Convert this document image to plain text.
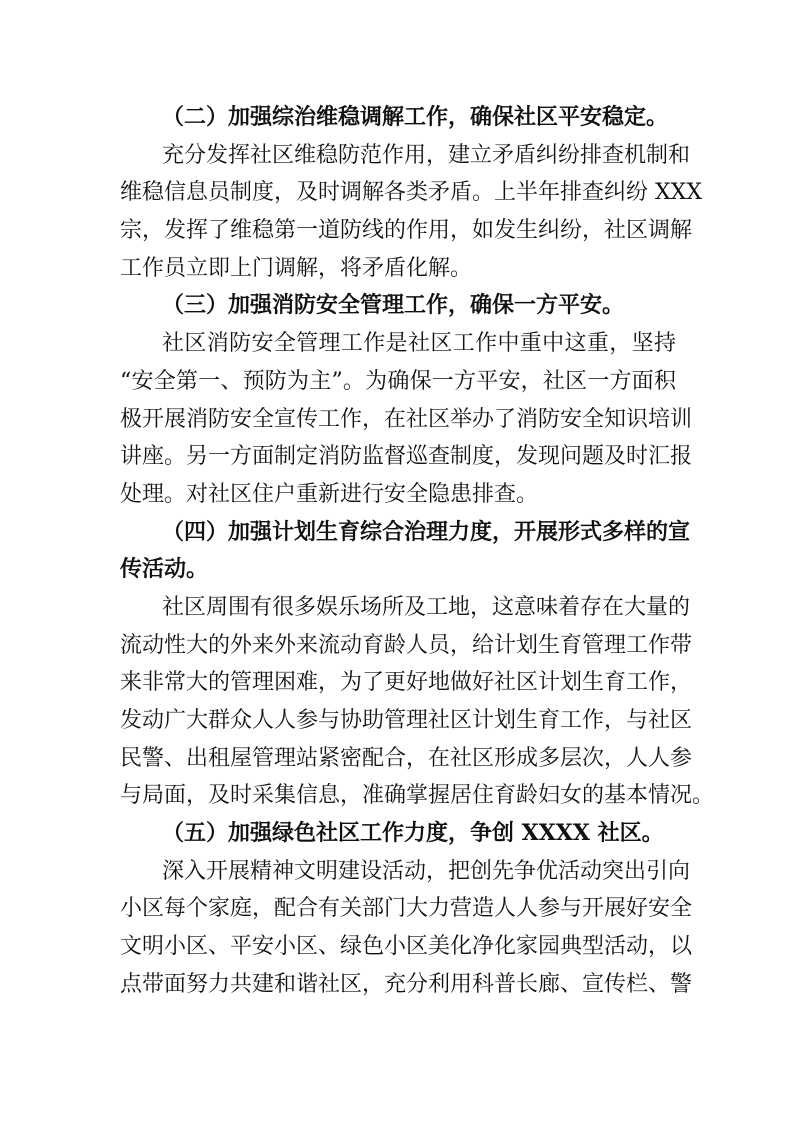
（二）加强综治维稳调解工作，确保社区平安稳定。
充分发挥社区维稳防范作用，建立矛盾纠纷排查机制和
维稳信息员制度，及时调解各类矛盾。上半年排查纠纷 XXX
宗，发挥了维稳第一道防线的作用，如发生纠纷，社区调解
工作员立即上门调解，将矛盾化解。
（三）加强消防安全管理工作，确保一方平安。
社区消防安全管理工作是社区工作中重中这重，坚持
“安全第一、预防为主”。为确保一方平安，社区一方面积
极开展消防安全宣传工作，在社区举办了消防安全知识培训
讲座。另一方面制定消防监督巡查制度，发现问题及时汇报
处理。对社区住户重新进行安全隐患排查。
（四）加强计划生育综合治理力度，开展形式多样的宣
传活动。
社区周围有很多娱乐场所及工地，这意味着存在大量的
流动性大的外来外来流动育龄人员，给计划生育管理工作带
来非常大的管理困难，为了更好地做好社区计划生育工作，
发动广大群众人人参与协助管理社区计划生育工作，与社区
民警、出租屋管理站紧密配合，在社区形成多层次，人人参
与局面，及时采集信息，准确掌握居住育龄妇女的基本情况。
（五）加强绿色社区工作力度，争创 XXXX 社区。
深入开展精神文明建设活动，把创先争优活动突出引向
小区每个家庭，配合有关部门大力营造人人参与开展好安全
文明小区、平安小区、绿色小区美化净化家园典型活动，以
点带面努力共建和谐社区，充分利用科普长廊、宣传栏、警
